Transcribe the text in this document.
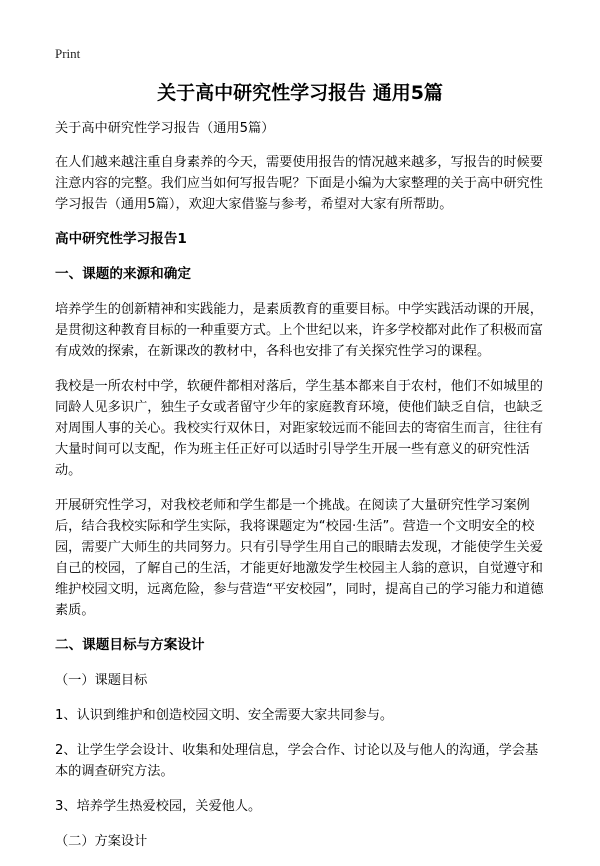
Print
关于高中研究性学习报告 通用5篇

关于高中研究性学习报告（通用5篇）

在人们越来越注重自身素养的今天，需要使用报告的情况越来越多，写报告的时候要注意内容的完整。我们应当如何写报告呢？下面是小编为大家整理的关于高中研究性学习报告（通用5篇），欢迎大家借鉴与参考，希望对大家有所帮助。

高中研究性学习报告1
一、课题的来源和确定

培养学生的创新精神和实践能力，是素质教育的重要目标。中学实践活动课的开展，是贯彻这种教育目标的一种重要方式。上个世纪以来，许多学校都对此作了积极而富有成效的探索，在新课改的教材中，各科也安排了有关探究性学习的课程。

我校是一所农村中学，软硬件都相对落后，学生基本都来自于农村，他们不如城里的同龄人见多识广，独生子女或者留守少年的家庭教育环境，使他们缺乏自信，也缺乏对周围人事的关心。我校实行双休日，对距家较远而不能回去的寄宿生而言，往往有大量时间可以支配，作为班主任正好可以适时引导学生开展一些有意义的研究性活动。

开展研究性学习，对我校老师和学生都是一个挑战。在阅读了大量研究性学习案例后，结合我校实际和学生实际，我将课题定为“校园·生活”。营造一个文明安全的校园，需要广大师生的共同努力。只有引导学生用自己的眼睛去发现，才能使学生关爱自己的校园，了解自己的生活，才能更好地激发学生校园主人翁的意识，自觉遵守和维护校园文明，远离危险，参与营造“平安校园”，同时，提高自己的学习能力和道德素质。

二、课题目标与方案设计

（一）课题目标

1、认识到维护和创造校园文明、安全需要大家共同参与。

2、让学生学会设计、收集和处理信息，学会合作、讨论以及与他人的沟通，学会基本的调查研究方法。

3、培养学生热爱校园，关爱他人。

（二）方案设计
